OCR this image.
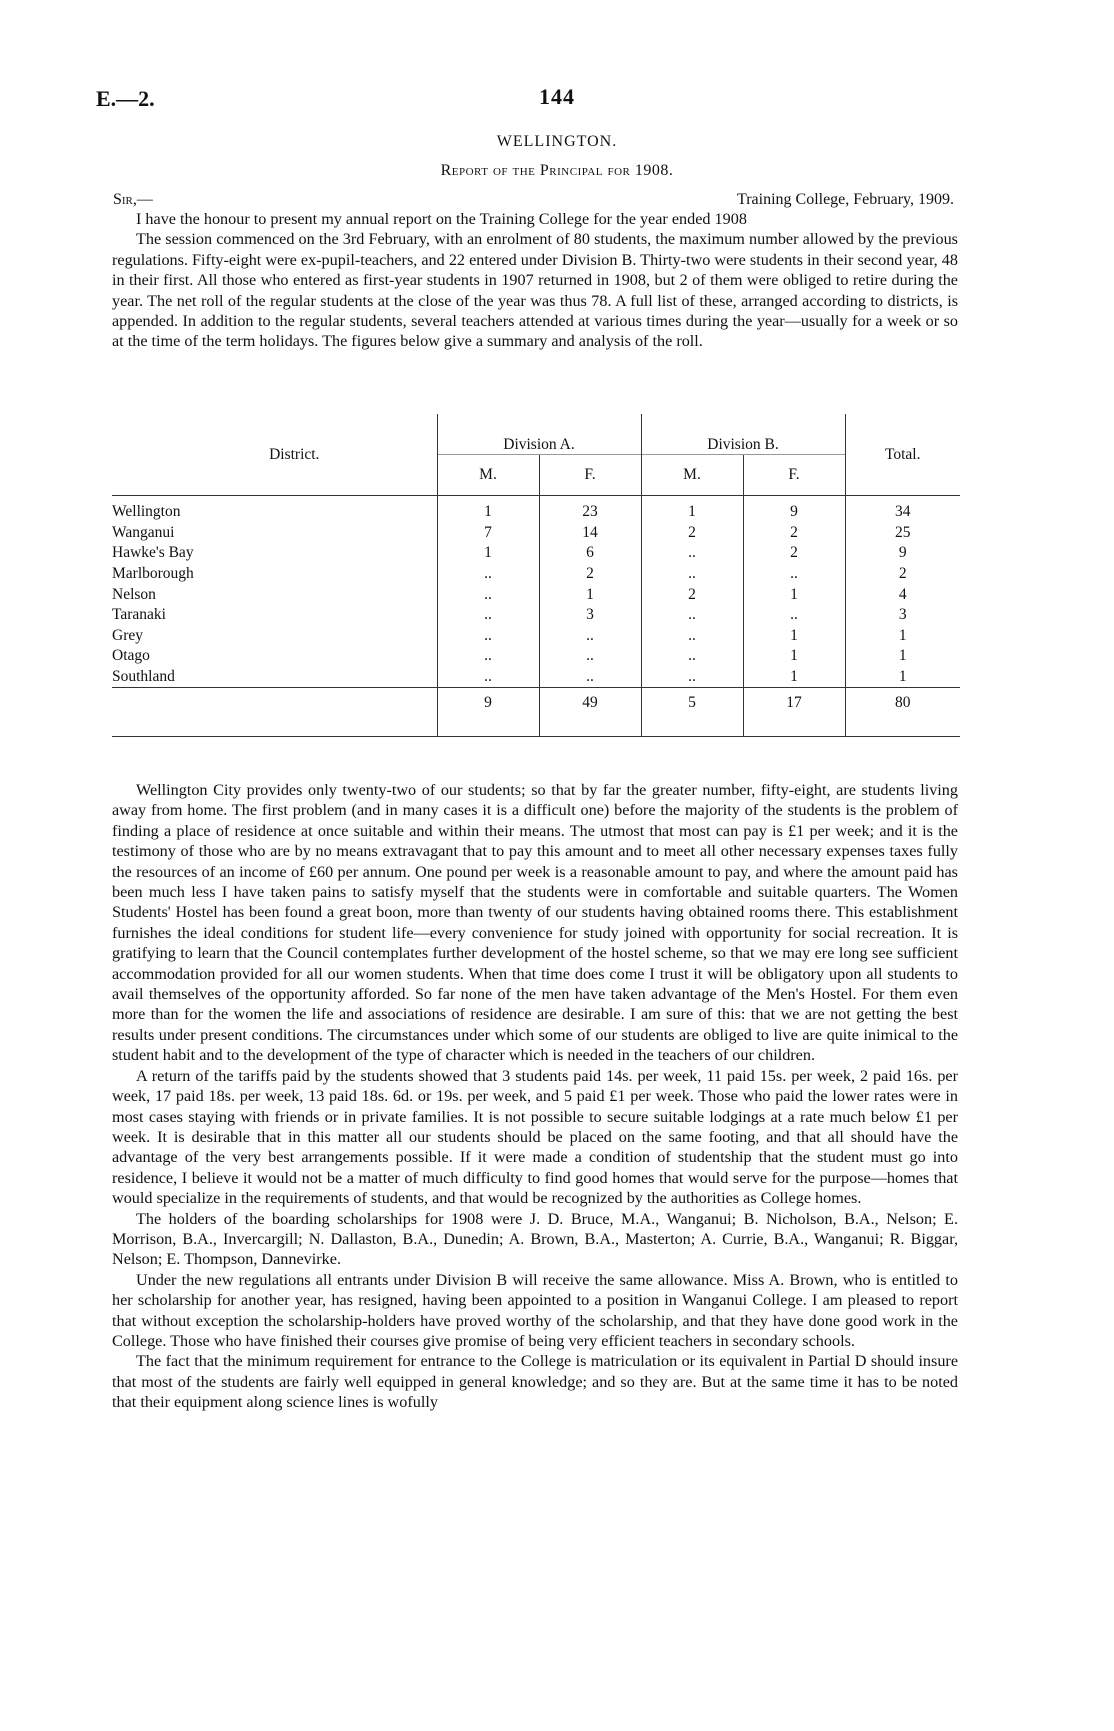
E.—2.	144
WELLINGTON.
Report of the Principal for 1908.
Sir,—	Training College, February, 1909.

I have the honour to present my annual report on the Training College for the year ended 1908

The session commenced on the 3rd February, with an enrolment of 80 students, the maximum number allowed by the previous regulations. Fifty-eight were ex-pupil-teachers, and 22 entered under Division B. Thirty-two were students in their second year, 48 in their first. All those who entered as first-year students in 1907 returned in 1908, but 2 of them were obliged to retire during the year. The net roll of the regular students at the close of the year was thus 78. A full list of these, arranged according to districts, is appended. In addition to the regular students, several teachers attended at various times during the year—usually for a week or so at the time of the term holidays. The figures below give a summary and analysis of the roll.

District.	Division A.		Division B.		Total.
	M.	F.	M.	F.	

Wellington	1	23	1	9	34
Wanganui	7	14	2	2	25
Hawke's Bay	1	6	..	2	9
Marlborough	..	2	..	..	2
Nelson	..	1	2	1	4
Taranaki	..	3	..	..	3
Grey	..	..	..	1	1
Otago	..	..	..	1	1
Southland	..	..	..	1	1
	9	49	5	17	80

Wellington City provides only twenty-two of our students; so that by far the greater number, fifty-eight, are students living away from home. The first problem (and in many cases it is a difficult one) before the majority of the students is the problem of finding a place of residence at once suitable and within their means. The utmost that most can pay is £1 per week; and it is the testimony of those who are by no means extravagant that to pay this amount and to meet all other necessary expenses taxes fully the resources of an income of £60 per annum. One pound per week is a reasonable amount to pay, and where the amount paid has been much less I have taken pains to satisfy myself that the students were in comfortable and suitable quarters. The Women Students' Hostel has been found a great boon, more than twenty of our students having obtained rooms there. This establishment furnishes the ideal conditions for student life—every convenience for study joined with opportunity for social recreation. It is gratifying to learn that the Council contemplates further development of the hostel scheme, so that we may ere long see sufficient accommodation provided for all our women students. When that time does come I trust it will be obligatory upon all students to avail themselves of the opportunity afforded. So far none of the men have taken advantage of the Men's Hostel. For them even more than for the women the life and associations of residence are desirable. I am sure of this: that we are not getting the best results under present conditions. The circumstances under which some of our students are obliged to live are quite inimical to the student habit and to the development of the type of character which is needed in the teachers of our children.

A return of the tariffs paid by the students showed that 3 students paid 14s. per week, 11 paid 15s. per week, 2 paid 16s. per week, 17 paid 18s. per week, 13 paid 18s. 6d. or 19s. per week, and 5 paid £1 per week. Those who paid the lower rates were in most cases staying with friends or in private families. It is not possible to secure suitable lodgings at a rate much below £1 per week. It is desirable that in this matter all our students should be placed on the same footing, and that all should have the advantage of the very best arrangements possible. If it were made a condition of studentship that the student must go into residence, I believe it would not be a matter of much difficulty to find good homes that would serve for the purpose—homes that would specialize in the requirements of students, and that would be recognized by the authorities as College homes.

The holders of the boarding scholarships for 1908 were J. D. Bruce, M.A., Wanganui; B. Nicholson, B.A., Nelson; E. Morrison, B.A., Invercargill; N. Dallaston, B.A., Dunedin; A. Brown, B.A., Masterton; A. Currie, B.A., Wanganui; R. Biggar, Nelson; E. Thompson, Dannevirke.

Under the new regulations all entrants under Division B will receive the same allowance. Miss A. Brown, who is entitled to her scholarship for another year, has resigned, having been appointed to a position in Wanganui College. I am pleased to report that without exception the scholarship-holders have proved worthy of the scholarship, and that they have done good work in the College. Those who have finished their courses give promise of being very efficient teachers in secondary schools.

The fact that the minimum requirement for entrance to the College is matriculation or its equivalent in Partial D should insure that most of the students are fairly well equipped in general knowledge; and so they are. But at the same time it has to be noted that their equipment along science lines is wofully
